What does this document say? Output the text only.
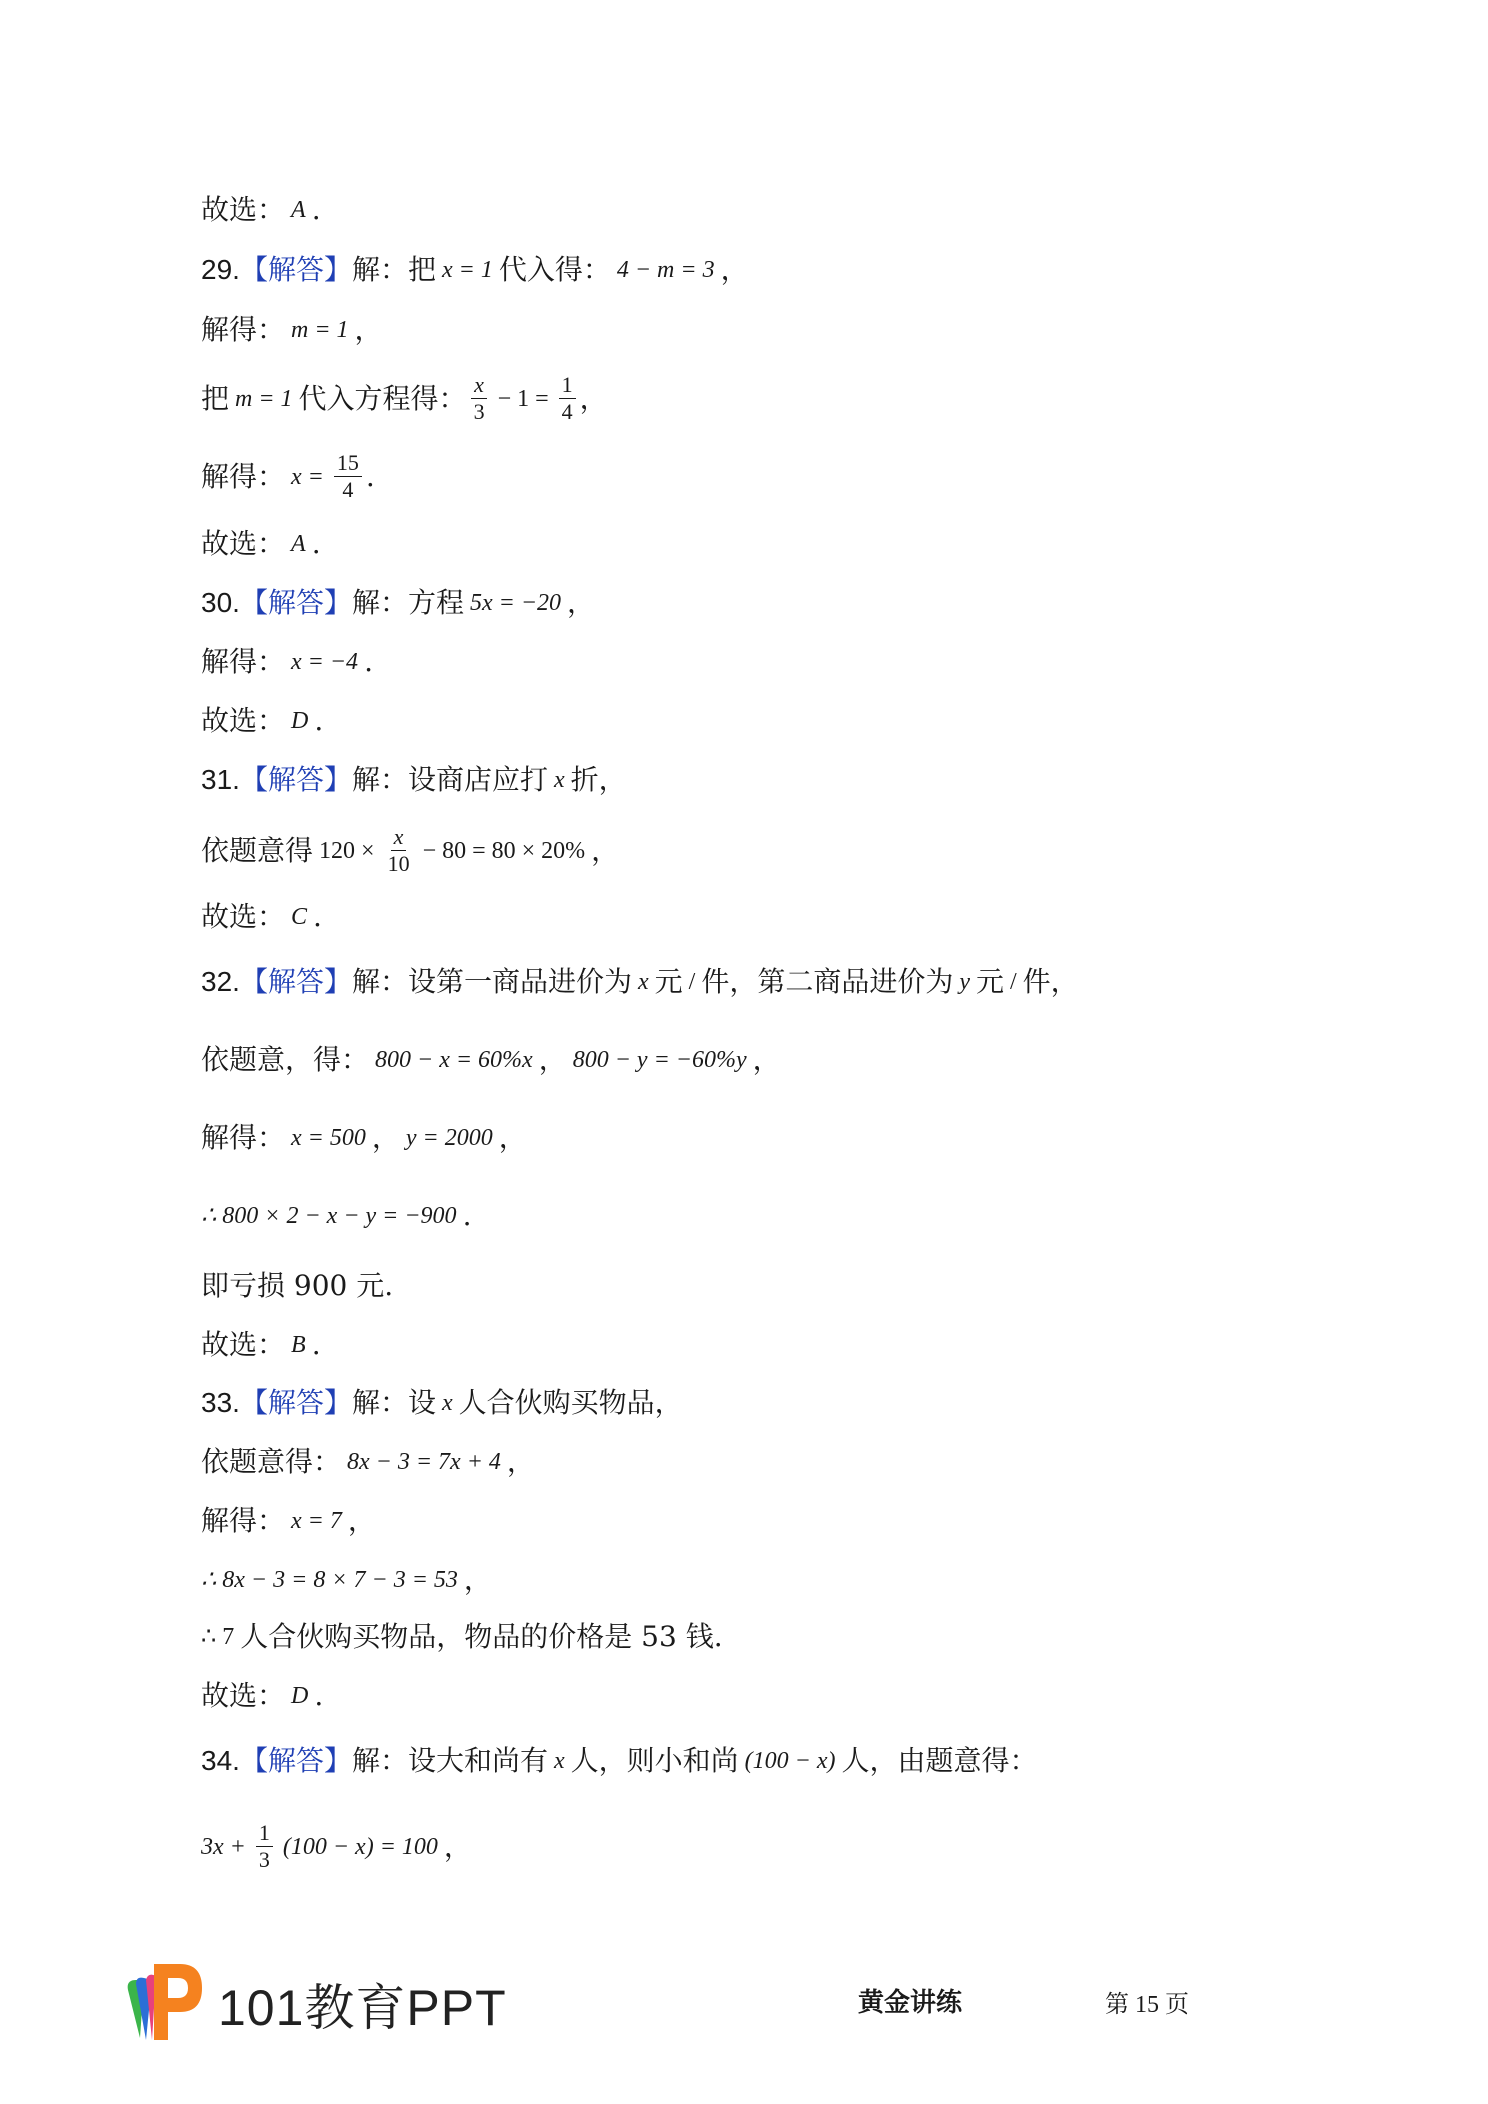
故选： A .
29. 【解答】 解：把 x = 1 代入得： 4 − m = 3 ，
解得： m = 1 ，
把 m = 1 代入方程得： $\frac{x}{3} - 1 = \frac{1}{4}$ ，
解得： $x = \frac{15}{4}$ .
故选： A .
30. 【解答】 解：方程 5x = −20 ，
解得： x = −4 .
故选： D .
31. 【解答】 解：设商店应打 x 折，
依题意得 $120 \times \frac{x}{10} - 80 = 80 \times 20\%$ ，
故选： C .
32. 【解答】 解：设第一商品进价为 x 元 / 件，第二商品进价为 y 元 / 件，
依题意，得： 800 − x = 60%x ， 800 − y = −60%y ，
解得： x = 500 ， y = 2000 ，
∴ 800 × 2 − x − y = −900 .
即亏损 900 元.
故选： B .
33. 【解答】 解：设 x 人合伙购买物品，
依题意得： 8x − 3 = 7x + 4 ，
解得： x = 7 ，
∴ 8x − 3 = 8 × 7 − 3 = 53 ，
∴ 7 人合伙购买物品，物品的价格是 53 钱.
故选： D .
34. 【解答】 解：设大和尚有 x 人，则小和尚 (100 − x) 人，由题意得：
$3x + \frac{1}{3} (100 - x) = 100$ ，
101教育PPT	黄金讲练	第 15 页
